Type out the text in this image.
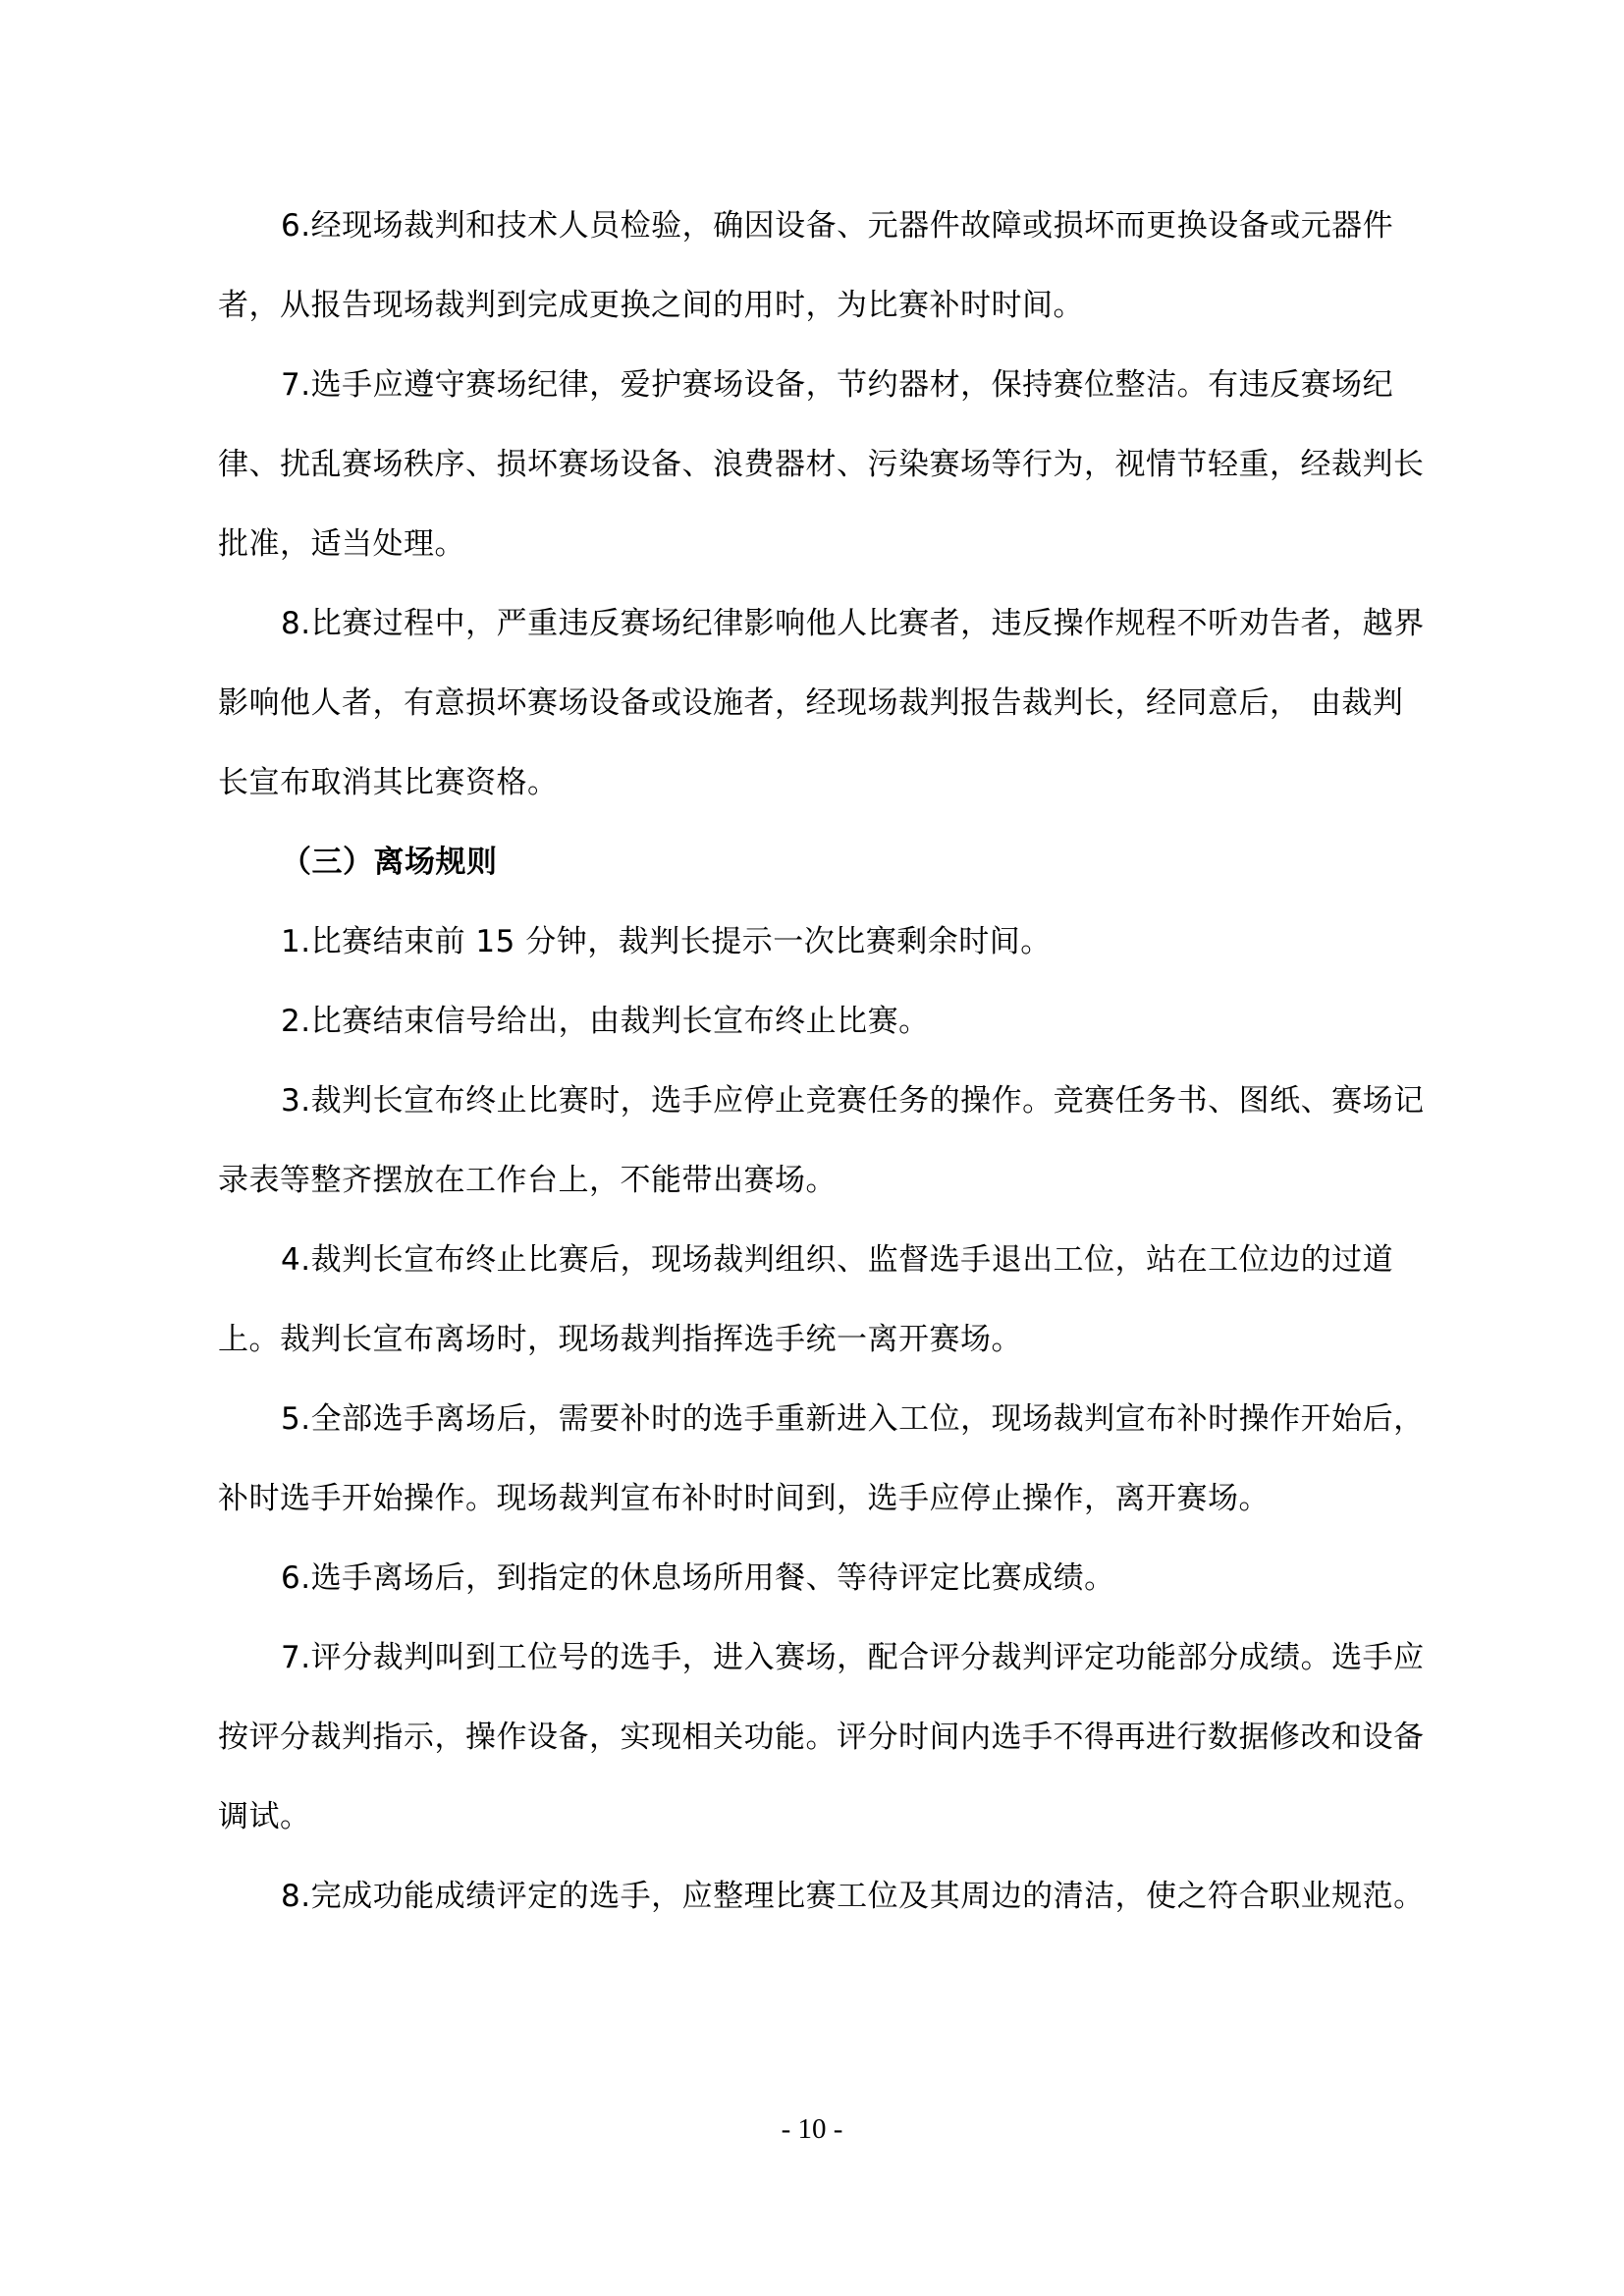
6.经现场裁判和技术人员检验，确因设备、元器件故障或损坏而更换设备或元器件者，从报告现场裁判到完成更换之间的用时，为比赛补时时间。

7.选手应遵守赛场纪律，爱护赛场设备，节约器材，保持赛位整洁。有违反赛场纪律、扰乱赛场秩序、损坏赛场设备、浪费器材、污染赛场等行为，视情节轻重，经裁判长批准，适当处理。

8.比赛过程中，严重违反赛场纪律影响他人比赛者，违反操作规程不听劝告者，越界影响他人者，有意损坏赛场设备或设施者，经现场裁判报告裁判长，经同意后， 由裁判长宣布取消其比赛资格。

（三）离场规则

1.比赛结束前 15 分钟，裁判长提示一次比赛剩余时间。

2.比赛结束信号给出，由裁判长宣布终止比赛。

3.裁判长宣布终止比赛时，选手应停止竞赛任务的操作。竞赛任务书、图纸、赛场记录表等整齐摆放在工作台上，不能带出赛场。

4.裁判长宣布终止比赛后，现场裁判组织、监督选手退出工位，站在工位边的过道上。裁判长宣布离场时，现场裁判指挥选手统一离开赛场。

5.全部选手离场后，需要补时的选手重新进入工位，现场裁判宣布补时操作开始后，补时选手开始操作。现场裁判宣布补时时间到，选手应停止操作，离开赛场。

6.选手离场后，到指定的休息场所用餐、等待评定比赛成绩。

7.评分裁判叫到工位号的选手，进入赛场，配合评分裁判评定功能部分成绩。选手应按评分裁判指示，操作设备，实现相关功能。评分时间内选手不得再进行数据修改和设备调试。

8.完成功能成绩评定的选手，应整理比赛工位及其周边的清洁，使之符合职业规范。

- 10 -
